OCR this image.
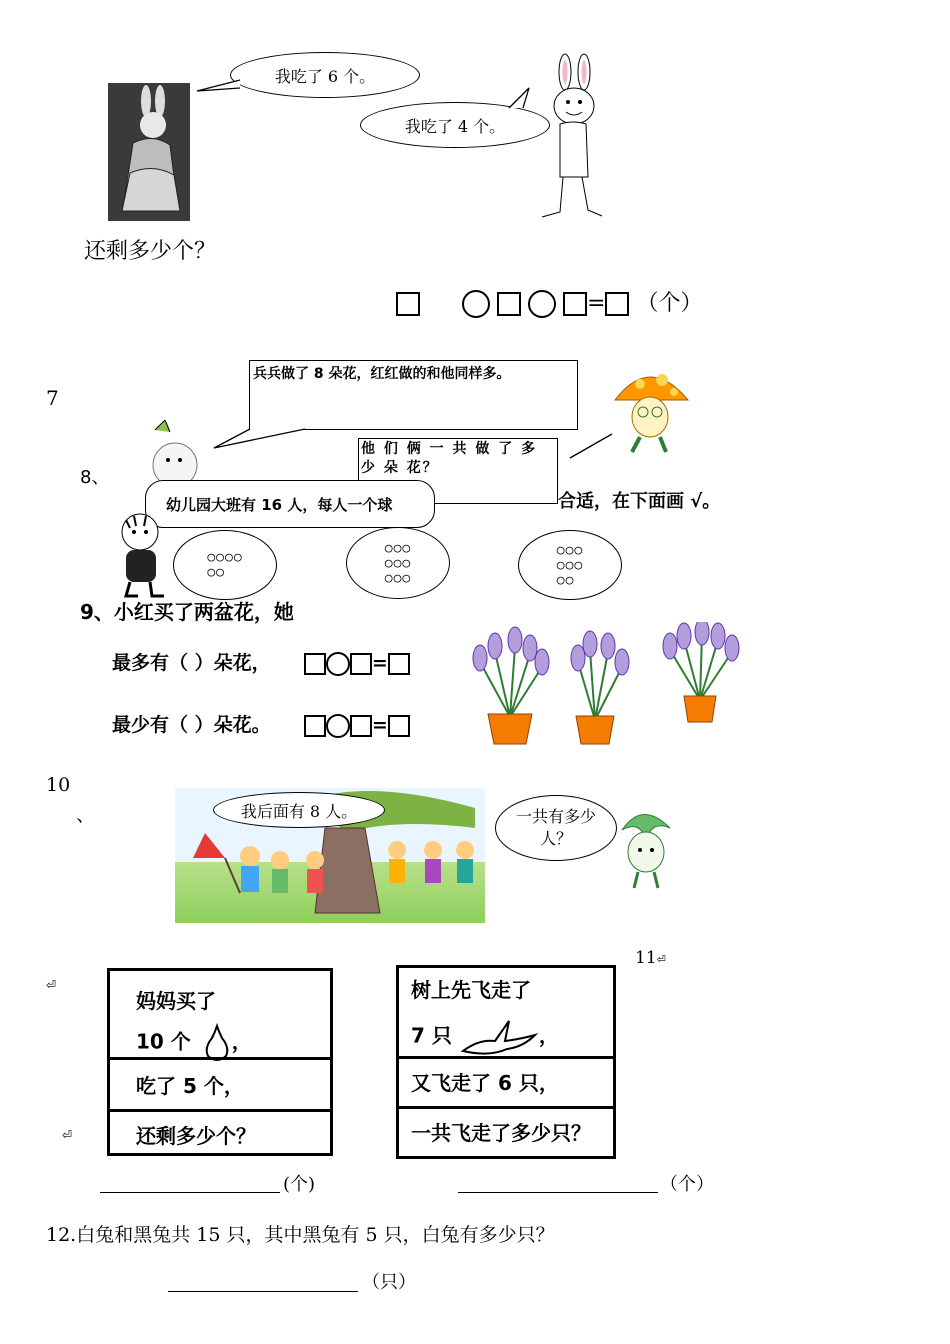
我吃了 6 个。
我吃了 4 个。
还剩多少个？
= （个）
7
兵兵做了 8 朵花，红红做的和他同样多。
他 们 俩 一 共 做 了 多 少 朵 花？
8、
合适，在下面画 √。
幼儿园大班有 16 人，每人一个球
○○○○
○○
○○○
○○○
○○○
○○○
○○○
○○
9、小红买了两盆花，她
最多有（ ）朵花，	=
最少有（ ）朵花。	=
10
、	我后面有 8 人。	一共有多少人？
11⏎
⏎
⏎
妈妈买了
10 个 ，
吃了 5 个，
还剩多少个？
树上先飞走了
7 只	，
又飞走了 6 只，
一共飞走了多少只？
(个)	（个）
12.白兔和黑兔共 15 只，其中黑兔有 5 只，白兔有多少只？
（只）
